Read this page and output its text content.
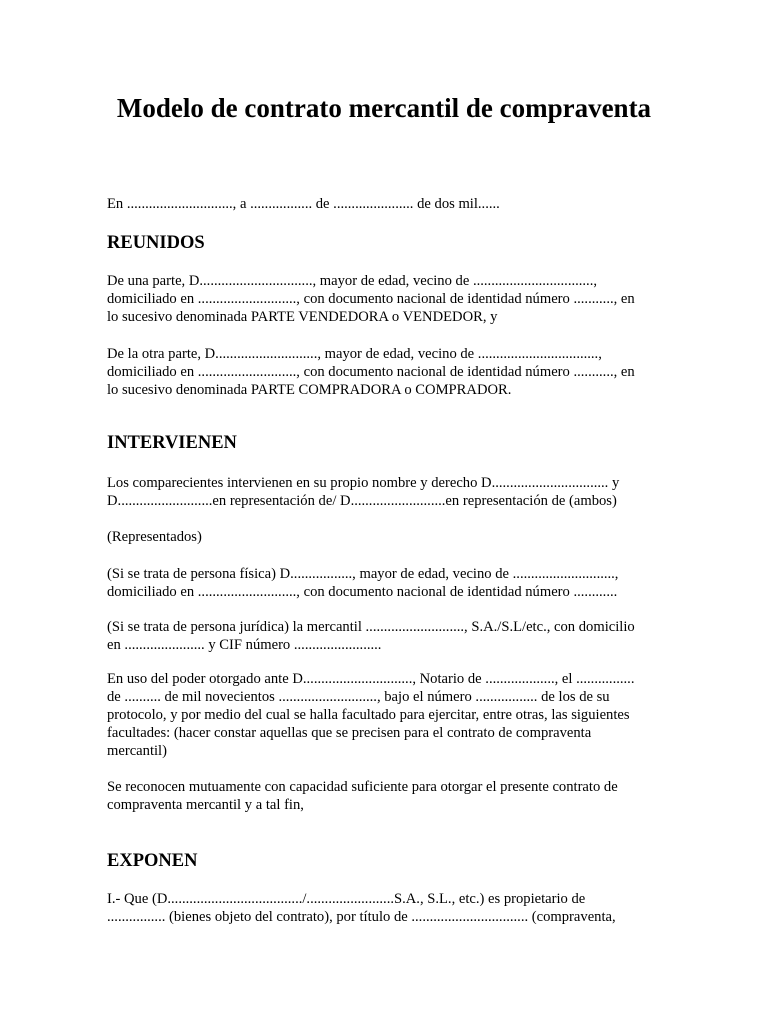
Modelo de contrato mercantil de compraventa

En ............................., a ................. de ...................... de dos mil......

REUNIDOS

De una parte, D..............................., mayor de edad, vecino de .................................,
domiciliado en ..........................., con documento nacional de identidad número ..........., en
lo sucesivo denominada PARTE VENDEDORA o VENDEDOR, y

De la otra parte, D............................, mayor de edad, vecino de .................................,
domiciliado en ..........................., con documento nacional de identidad número ..........., en
lo sucesivo denominada PARTE COMPRADORA o COMPRADOR.

INTERVIENEN

Los comparecientes intervienen en su propio nombre y derecho D................................ y
D..........................en representación de/ D..........................en representación de (ambos)

(Representados)

(Si se trata de persona física) D................., mayor de edad, vecino de ............................,
domiciliado en ..........................., con documento nacional de identidad número ............

(Si se trata de persona jurídica) la mercantil ..........................., S.A./S.L/etc., con domicilio
en ...................... y CIF número ........................

En uso del poder otorgado ante D.............................., Notario de ..................., el ................
de .......... de mil novecientos ..........................., bajo el número ................. de los de su
protocolo, y por medio del cual se halla facultado para ejercitar, entre otras, las siguientes
facultades: (hacer constar aquellas que se precisen para el contrato de compraventa
mercantil)

Se reconocen mutuamente con capacidad suficiente para otorgar el presente contrato de
compraventa mercantil y a tal fin,

EXPONEN

I.- Que (D...................................../........................S.A., S.L., etc.) es propietario de
................ (bienes objeto del contrato), por título de ................................ (compraventa,
